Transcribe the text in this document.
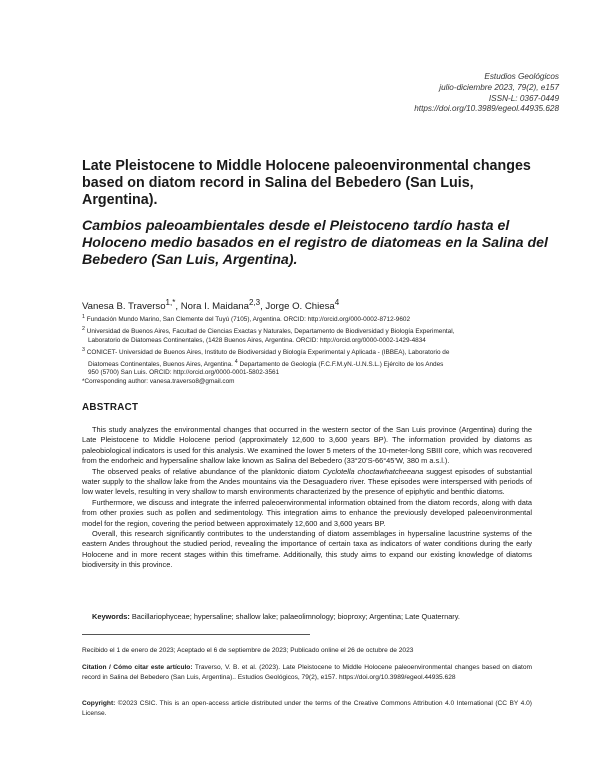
Estudios Geológicos
julio-diciembre 2023, 79(2), e157
ISSN-L: 0367-0449
https://doi.org/10.3989/egeol.44935.628
Late Pleistocene to Middle Holocene paleoenvironmental changes based on diatom record in Salina del Bebedero (San Luis, Argentina).
Cambios paleoambientales desde el Pleistoceno tardío hasta el Holoceno medio basados en el registro de diatomeas en la Salina del Bebedero (San Luis, Argentina).

Vanesa B. Traverso$^{1,*}$, Nora I. Maidana$^{2,3}$, Jorge O. Chiesa$^4$

$^1$ Fundación Mundo Marino, San Clemente del Tuyú (7105), Argentina. ORCID: http://orcid.org/000-0002-8712-9602

$^2$ Universidad de Buenos Aires, Facultad de Ciencias Exactas y Naturales, Departamento de Biodiversidad y Biología Experimental,
Laboratorio de Diatomeas Continentales, (1428 Buenos Aires, Argentina. ORCID: http://orcid.org/0000-0002-1429-4834

$^3$ CONICET- Universidad de Buenos Aires, Instituto de Biodiversidad y Biología Experimental y Aplicada - (IBBEA), Laboratorio de
Diatomeas Continentales, Buenos Aires, Argentina. $^4$ Departamento de Geología (F.C.F.M.yN.-U.N.S.L.) Ejército de los Andes
950 (5700) San Luis. ORCID: http://orcid.org/0000-0001-5802-3561

*Corresponding author: vanesa.traverso8@gmail.com

ABSTRACT

This study analyzes the environmental changes that occurred in the western sector of the San Luis province (Argentina) during the Late Pleistocene to Middle Holocene period (approximately 12,600 to 3,600 years BP). The information provided by diatoms as paleobiological indicators is used for this analysis. We examined the lower 5 meters of the 10-meter-long SBIII core, which was recovered from the endorheic and hypersaline shallow lake known as Salina del Bebedero (33°20’S-66°45’W, 380 m a.s.l.).

The observed peaks of relative abundance of the planktonic diatom Cyclotella choctawhatcheeana suggest episodes of substantial water supply to the shallow lake from the Andes mountains via the Desaguadero river. These episodes were interspersed with periods of low water levels, resulting in very shallow to marsh environments characterized by the presence of epiphytic and benthic diatoms.

Furthermore, we discuss and integrate the inferred paleoenvironmental information obtained from the diatom records, along with data from other proxies such as pollen and sedimentology. This integration aims to enhance the previously developed paleoenvironmental model for the region, covering the period between approximately 12,600 and 3,600 years BP.

Overall, this research significantly contributes to the understanding of diatom assemblages in hypersaline lacustrine systems of the eastern Andes throughout the studied period, revealing the importance of certain taxa as indicators of water conditions during the early Holocene and in more recent stages within this timeframe. Additionally, this study aims to expand our existing knowledge of diatoms biodiversity in this province.

Keywords: Bacillariophyceae; hypersaline; shallow lake; palaeolimnology; bioproxy; Argentina; Late Quaternary.

Recibido el 1 de enero de 2023; Aceptado el 6 de septiembre de 2023; Publicado online el 26 de octubre de 2023

Citation / Cómo citar este artículo: Traverso, V. B. et al. (2023). Late Pleistocene to Middle Holocene paleoenvironmental changes based on diatom record in Salina del Bebedero (San Luis, Argentina).. Estudios Geológicos, 79(2), e157. https://doi.org/10.3989/egeol.44935.628

Copyright: ©2023 CSIC. This is an open-access article distributed under the terms of the Creative Commons Attribution 4.0 International (CC BY 4.0) License.
